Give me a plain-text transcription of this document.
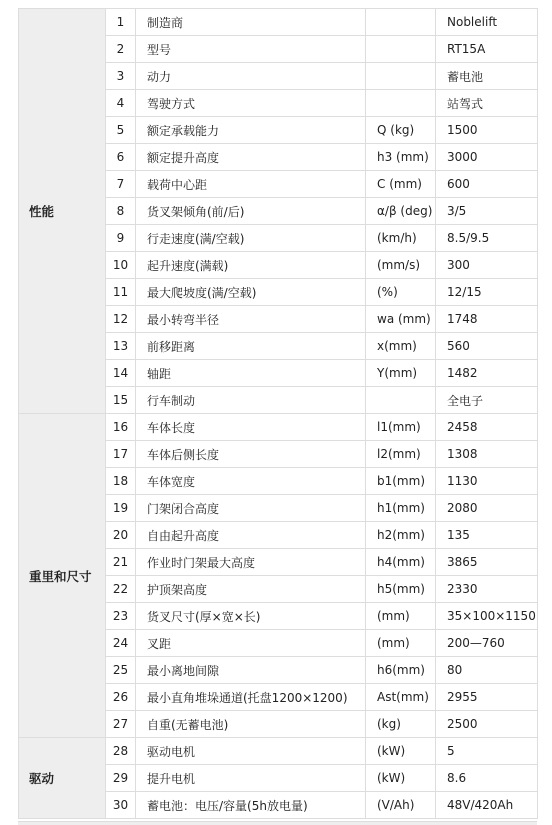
性能	1	制造商		Noblelift
	2	型号		RT15A
	3	动力		蓄电池
	4	驾驶方式		站驾式
	5	额定承载能力	Q (kg)	1500
	6	额定提升高度	h3 (mm)	3000
	7	载荷中心距	C (mm)	600
	8	货叉架倾角(前/后)	α/β (deg)	3/5
	9	行走速度(满/空载)	(km/h)	8.5/9.5
	10	起升速度(满载)	(mm/s)	300
	11	最大爬坡度(满/空载)	(%)	12/15
	12	最小转弯半径	wa (mm)	1748
	13	前移距离	x(mm)	560
	14	轴距	Y(mm)	1482
	15	行车制动		全电子
重里和尺寸	16	车体长度	l1(mm)	2458
	17	车体后侧长度	l2(mm)	1308
	18	车体宽度	b1(mm)	1130
	19	门架闭合高度	h1(mm)	2080
	20	自由起升高度	h2(mm)	135
	21	作业时门架最大高度	h4(mm)	3865
	22	护顶架高度	h5(mm)	2330
	23	货叉尺寸(厚×宽×长)	(mm)	35×100×1150
	24	叉距	(mm)	200—760
	25	最小离地间隙	h6(mm)	80
	26	最小直角堆垛通道(托盘1200×1200)	Ast(mm)	2955
	27	自重(无蓄电池)	(kg)	2500
驱动	28	驱动电机	(kW)	5
	29	提升电机	(kW)	8.6
	30	蓄电池：电压/容量(5h放电量)	(V/Ah)	48V/420Ah
